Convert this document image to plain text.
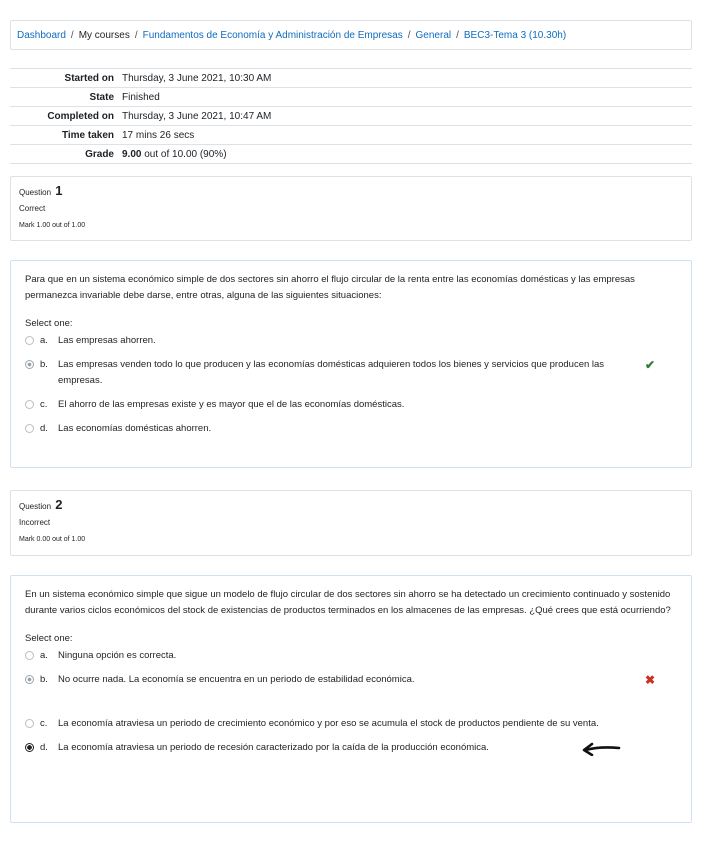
Dashboard / My courses / Fundamentos de Economía y Administración de Empresas / General / BEC3-Tema 3 (10.30h)
Started on	Thursday, 3 June 2021, 10:30 AM
State	Finished
Completed on	Thursday, 3 June 2021, 10:47 AM
Time taken	17 mins 26 secs
Grade	9.00 out of 10.00 (90%)
Question 1
Correct
Mark 1.00 out of 1.00
Para que en un sistema económico simple de dos sectores sin ahorro el flujo circular de la renta entre las economías domésticas y las empresas permanezca invariable debe darse, entre otras, alguna de las siguientes situaciones:
Select one:
a.	Las empresas ahorren.
b.	Las empresas venden todo lo que producen y las economías domésticas adquieren todos los bienes y servicios que producen las empresas.
✔
c.	El ahorro de las empresas existe y es mayor que el de las economías domésticas.
d.	Las economías domésticas ahorren.
Question 2
Incorrect
Mark 0.00 out of 1.00
En un sistema económico simple que sigue un modelo de flujo circular de dos sectores sin ahorro se ha detectado un crecimiento continuado y sostenido durante varios ciclos económicos del stock de existencias de productos terminados en los almacenes de las empresas. ¿Qué crees que está ocurriendo?
Select one:
a.	Ninguna opción es correcta.
b.	No ocurre nada. La economía se encuentra en un periodo de estabilidad económica.	✖
c.	La economía atraviesa un periodo de crecimiento económico y por eso se acumula el stock de productos pendiente de su venta.
d.	La economía atraviesa un periodo de recesión caracterizado por la caída de la producción económica.
